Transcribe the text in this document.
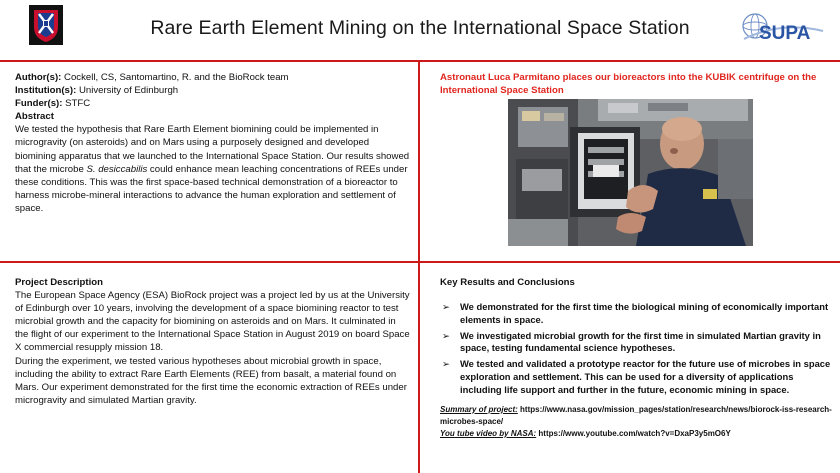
Rare Earth Element Mining on the International Space Station	SUPA
Author(s): Cockell, CS, Santomartino, R. and the BioRock team
Institution(s): University of Edinburgh
Funder(s): STFC
Abstract
We tested the hypothesis that Rare Earth Element biomining could be implemented in microgravity (on asteroids) and on Mars using a purposely designed and developed biomining apparatus that we launched to the International Space Station. Our results showed that the microbe S. desiccabilis could enhance mean leaching concentrations of REEs under these conditions. This was the first space-based technical demonstration of a bioreactor to harness microbe-mineral interactions to advance the human exploration and settlement of space.
Astronaut Luca Parmitano places our bioreactors into the KUBIK centrifuge on the International Space Station
Project Description
The European Space Agency (ESA) BioRock project was a project led by us at the University of Edinburgh over 10 years, involving the development of a space biomining reactor to test microbial growth and the capacity for biomining on asteroids and on Mars. It culminated in the flight of our experiment to the International Space Station in August 2019 on board Space X commercial resupply mission 18.
During the experiment, we tested various hypotheses about microbial growth in space, including the ability to extract Rare Earth Elements (REE) from basalt, a material found on Mars. Our experiment demonstrated for the first time the economic extraction of REEs under microgravity and simulated Martian gravity.
Key Results and Conclusions
➢ We demonstrated for the first time the biological mining of economically important elements in space.
➢ We investigated microbial growth for the first time in simulated Martian gravity in space, testing fundamental science hypotheses.
➢ We tested and validated a prototype reactor for the future use of microbes in space exploration and settlement. This can be used for a diversity of applications including life support and further in the future, economic mining in space.
Summary of project: https://www.nasa.gov/mission_pages/station/research/news/biorock-iss-research-microbes-space/
You tube video by NASA: https://www.youtube.com/watch?v=DxaP3y5mO6Y
